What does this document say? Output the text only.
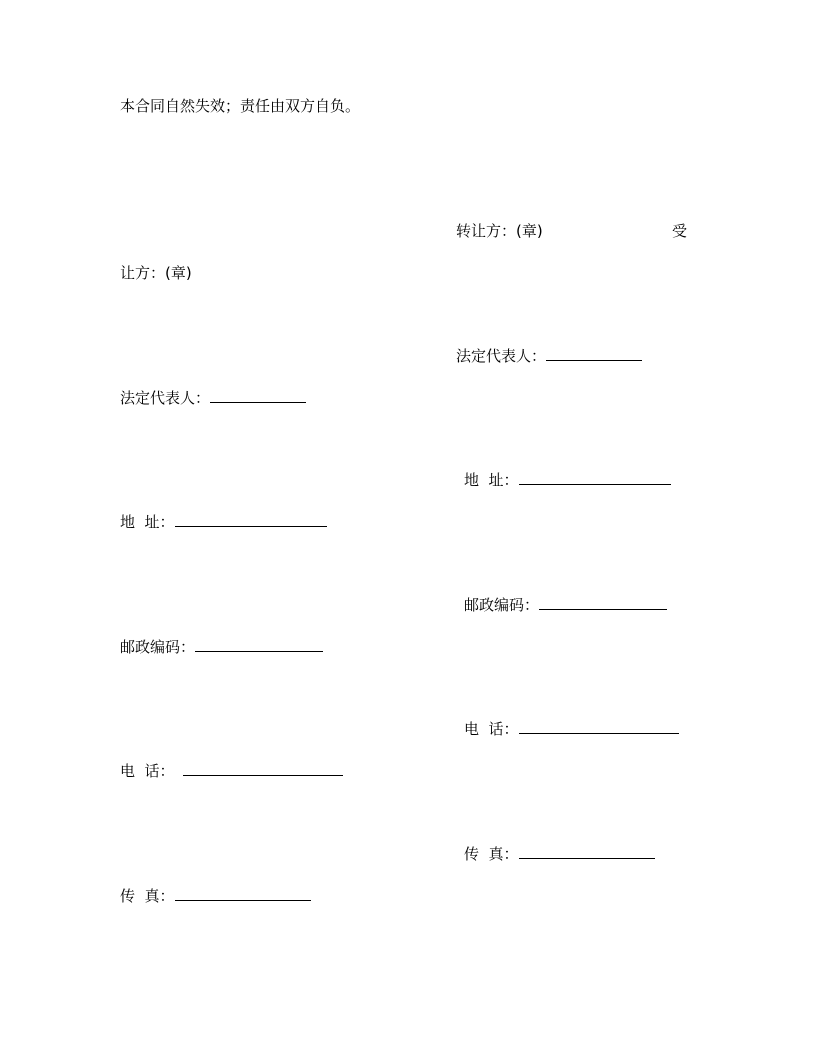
本合同自然失效；责任由双方自负。
转让方：(章)	受
让方：(章)
法定代表人：
法定代表人：
地  址：
地  址：
邮政编码：
邮政编码：
电  话：
电  话：
传  真：
传  真：
